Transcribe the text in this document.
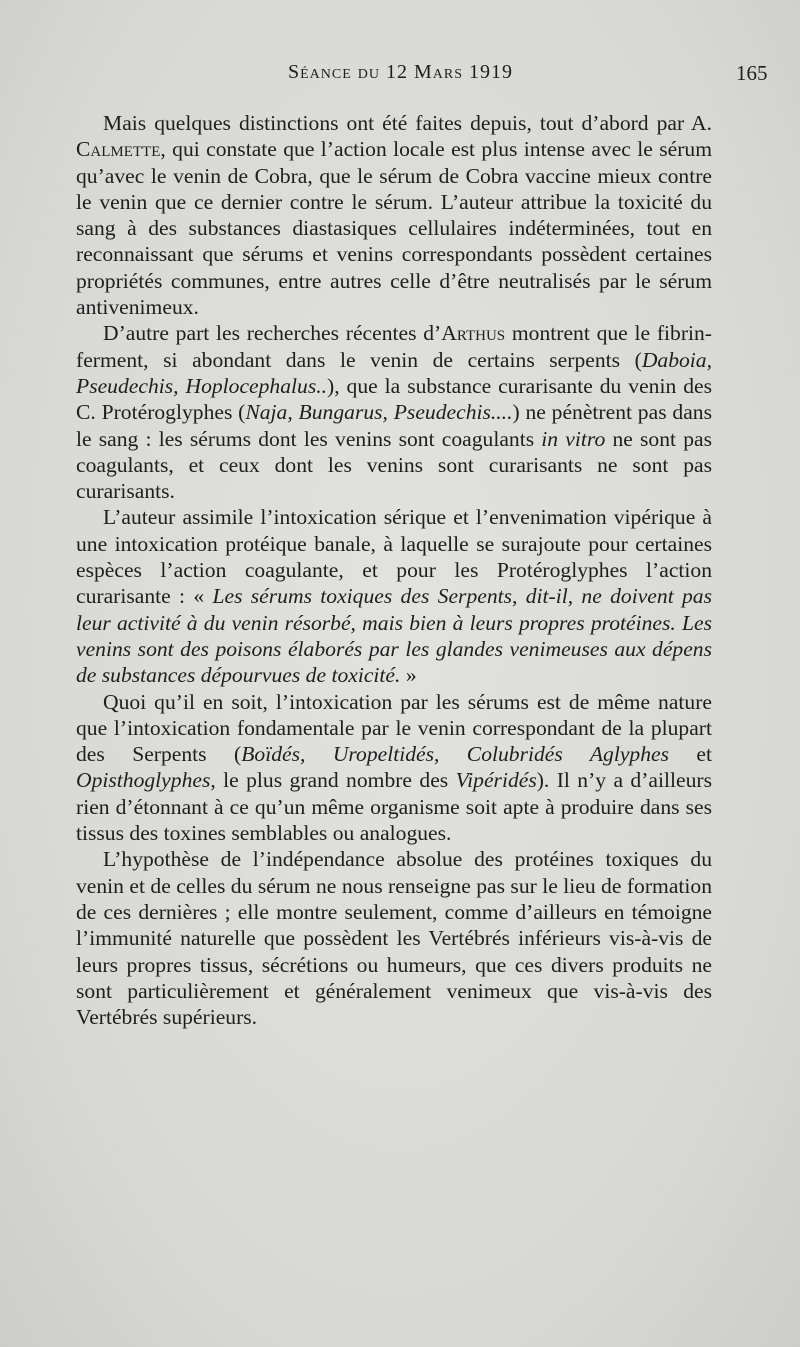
Séance du 12 Mars 1919	165

Mais quelques distinctions ont été faites depuis, tout d’abord par A. Calmette, qui constate que l’action locale est plus intense avec le sérum qu’avec le venin de Cobra, que le sérum de Cobra vaccine mieux contre le venin que ce dernier contre le sérum. L’auteur attribue la toxicité du sang à des substances diastasiques cellulaires indéterminées, tout en reconnaissant que sérums et venins correspondants possèdent certaines propriétés communes, entre autres celle d’être neutralisés par le sérum antivenimeux.

D’autre part les recherches récentes d’Arthus montrent que le fibrin-ferment, si abondant dans le venin de certains serpents (Daboia, Pseudechis, Hoplocephalus..), que la substance curarisante du venin des C. Protéroglyphes (Naja, Bungarus, Pseudechis....) ne pénètrent pas dans le sang : les sérums dont les venins sont coagulants in vitro ne sont pas coagulants, et ceux dont les venins sont curarisants ne sont pas curarisants.

L’auteur assimile l’intoxication sérique et l’envenimation vipérique à une intoxication protéique banale, à laquelle se surajoute pour certaines espèces l’action coagulante, et pour les Protéroglyphes l’action curarisante : « Les sérums toxiques des Serpents, dit-il, ne doivent pas leur activité à du venin résorbé, mais bien à leurs propres protéines. Les venins sont des poisons élaborés par les glandes venimeuses aux dépens de substances dépourvues de toxicité. »

Quoi qu’il en soit, l’intoxication par les sérums est de même nature que l’intoxication fondamentale par le venin correspondant de la plupart des Serpents (Boïdés, Uropeltidés, Colubridés Aglyphes et Opisthoglyphes, le plus grand nombre des Vipéridés). Il n’y a d’ailleurs rien d’étonnant à ce qu’un même organisme soit apte à produire dans ses tissus des toxines semblables ou analogues.

L’hypothèse de l’indépendance absolue des protéines toxiques du venin et de celles du sérum ne nous renseigne pas sur le lieu de formation de ces dernières ; elle montre seulement, comme d’ailleurs en témoigne l’immunité naturelle que possèdent les Vertébrés inférieurs vis-à-vis de leurs propres tissus, sécrétions ou humeurs, que ces divers produits ne sont particulièrement et généralement venimeux que vis-à-vis des Vertébrés supérieurs.
